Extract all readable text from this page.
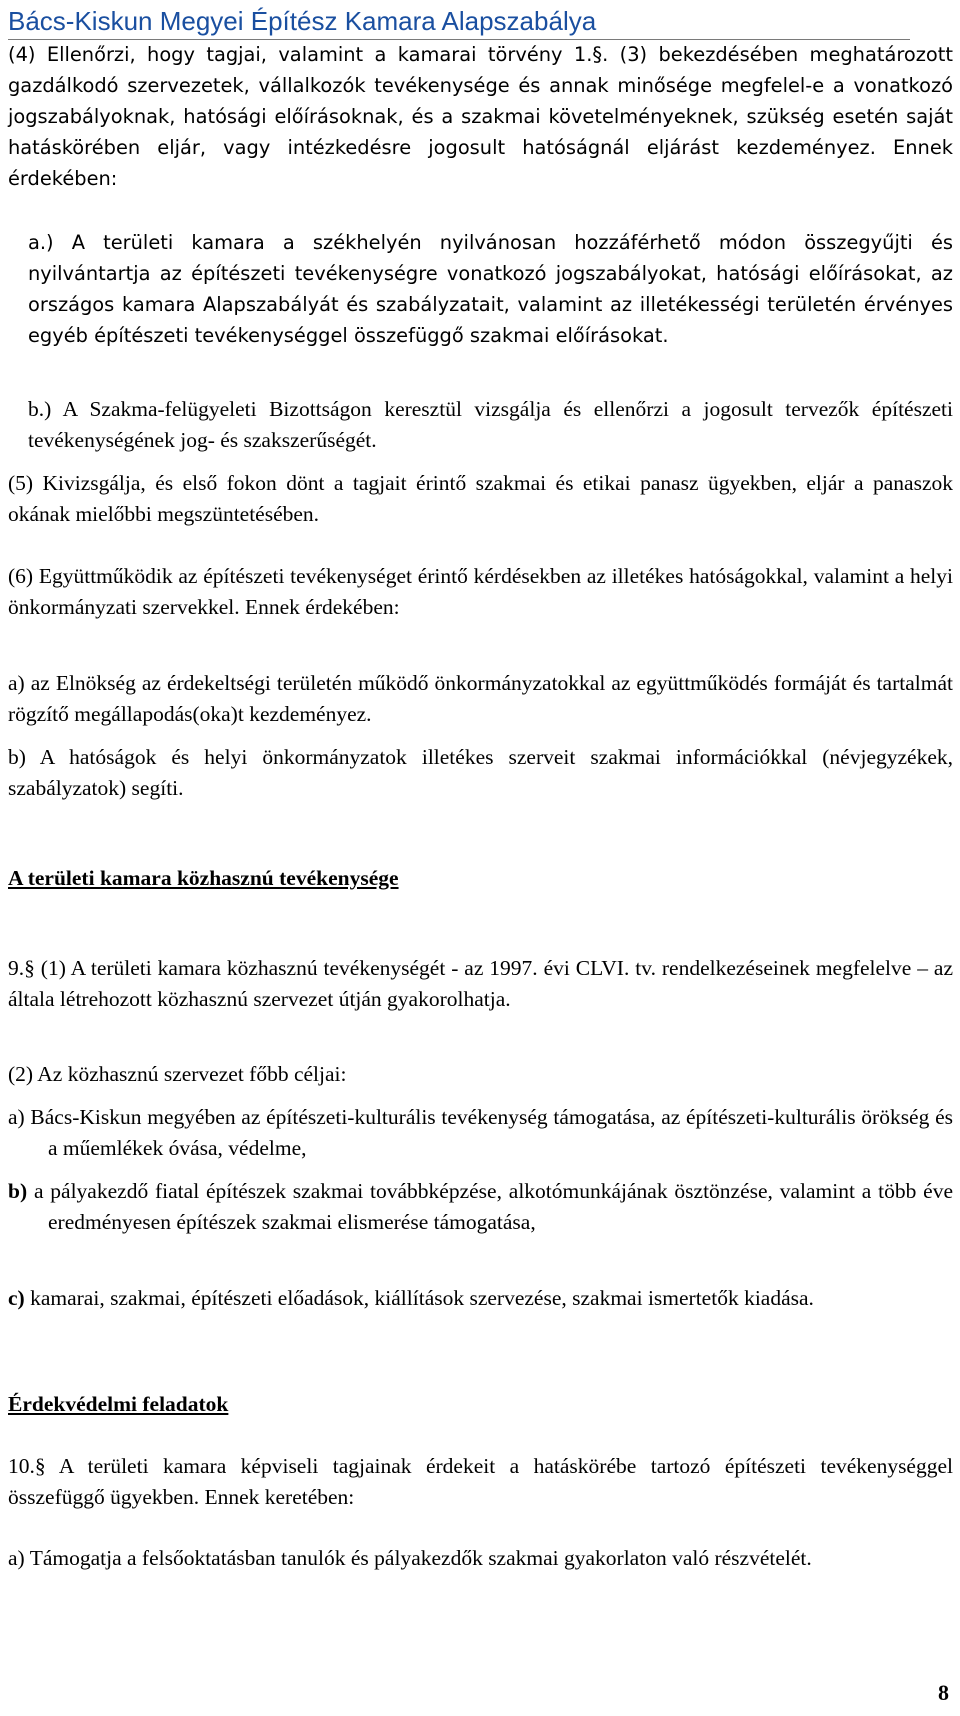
Bács-Kiskun Megyei Építész Kamara Alapszabálya

(4) Ellenőrzi, hogy tagjai, valamint a kamarai törvény 1.§. (3) bekezdésében meghatározott gazdálkodó szervezetek, vállalkozók tevékenysége és annak minősége megfelel-e a vonatkozó jogszabályoknak, hatósági előírásoknak, és a szakmai követelményeknek, szükség esetén saját hatáskörében eljár, vagy intézkedésre jogosult hatóságnál eljárást kezdeményez. Ennek érdekében:

a.) A területi kamara a székhelyén nyilvánosan hozzáférhető módon összegyűjti és nyilvántartja az építészeti tevékenységre vonatkozó jogszabályokat, hatósági előírásokat, az országos kamara Alapszabályát és szabályzatait, valamint az illetékességi területén érvényes egyéb építészeti tevékenységgel összefüggő szakmai előírásokat.

b.) A Szakma-felügyeleti Bizottságon keresztül vizsgálja és ellenőrzi a jogosult tervezők építészeti tevékenységének jog- és szakszerűségét.

(5) Kivizsgálja, és első fokon dönt a tagjait érintő szakmai és etikai panasz ügyekben, eljár a panaszok okának mielőbbi megszüntetésében.

(6) Együttműködik az építészeti tevékenységet érintő kérdésekben az illetékes hatóságokkal, valamint a helyi önkormányzati szervekkel. Ennek érdekében:

a) az Elnökség az érdekeltségi területén működő önkormányzatokkal az együttműködés formáját és tartalmát rögzítő megállapodás(oka)t kezdeményez.

b) A hatóságok és helyi önkormányzatok illetékes szerveit szakmai információkkal (névjegyzékek, szabályzatok) segíti.

A területi kamara közhasznú tevékenysége

9.§ (1) A területi kamara közhasznú tevékenységét - az 1997. évi CLVI. tv. rendelkezéseinek megfelelve – az általa létrehozott közhasznú szervezet útján gyakorolhatja.

(2) Az közhasznú szervezet főbb céljai:

a) Bács-Kiskun megyében az építészeti-kulturális tevékenység támogatása, az építészeti-kulturális örökség és a műemlékek óvása, védelme,

b) a pályakezdő fiatal építészek szakmai továbbképzése, alkotómunkájának ösztönzése, valamint a több éve eredményesen építészek szakmai elismerése támogatása,

c) kamarai, szakmai, építészeti előadások, kiállítások szervezése, szakmai ismertetők kiadása.

Érdekvédelmi feladatok

10.§ A területi kamara képviseli tagjainak érdekeit a hatáskörébe tartozó építészeti tevékenységgel összefüggő ügyekben. Ennek keretében:

a) Támogatja a felsőoktatásban tanulók és pályakezdők szakmai gyakorlaton való részvételét.

8
